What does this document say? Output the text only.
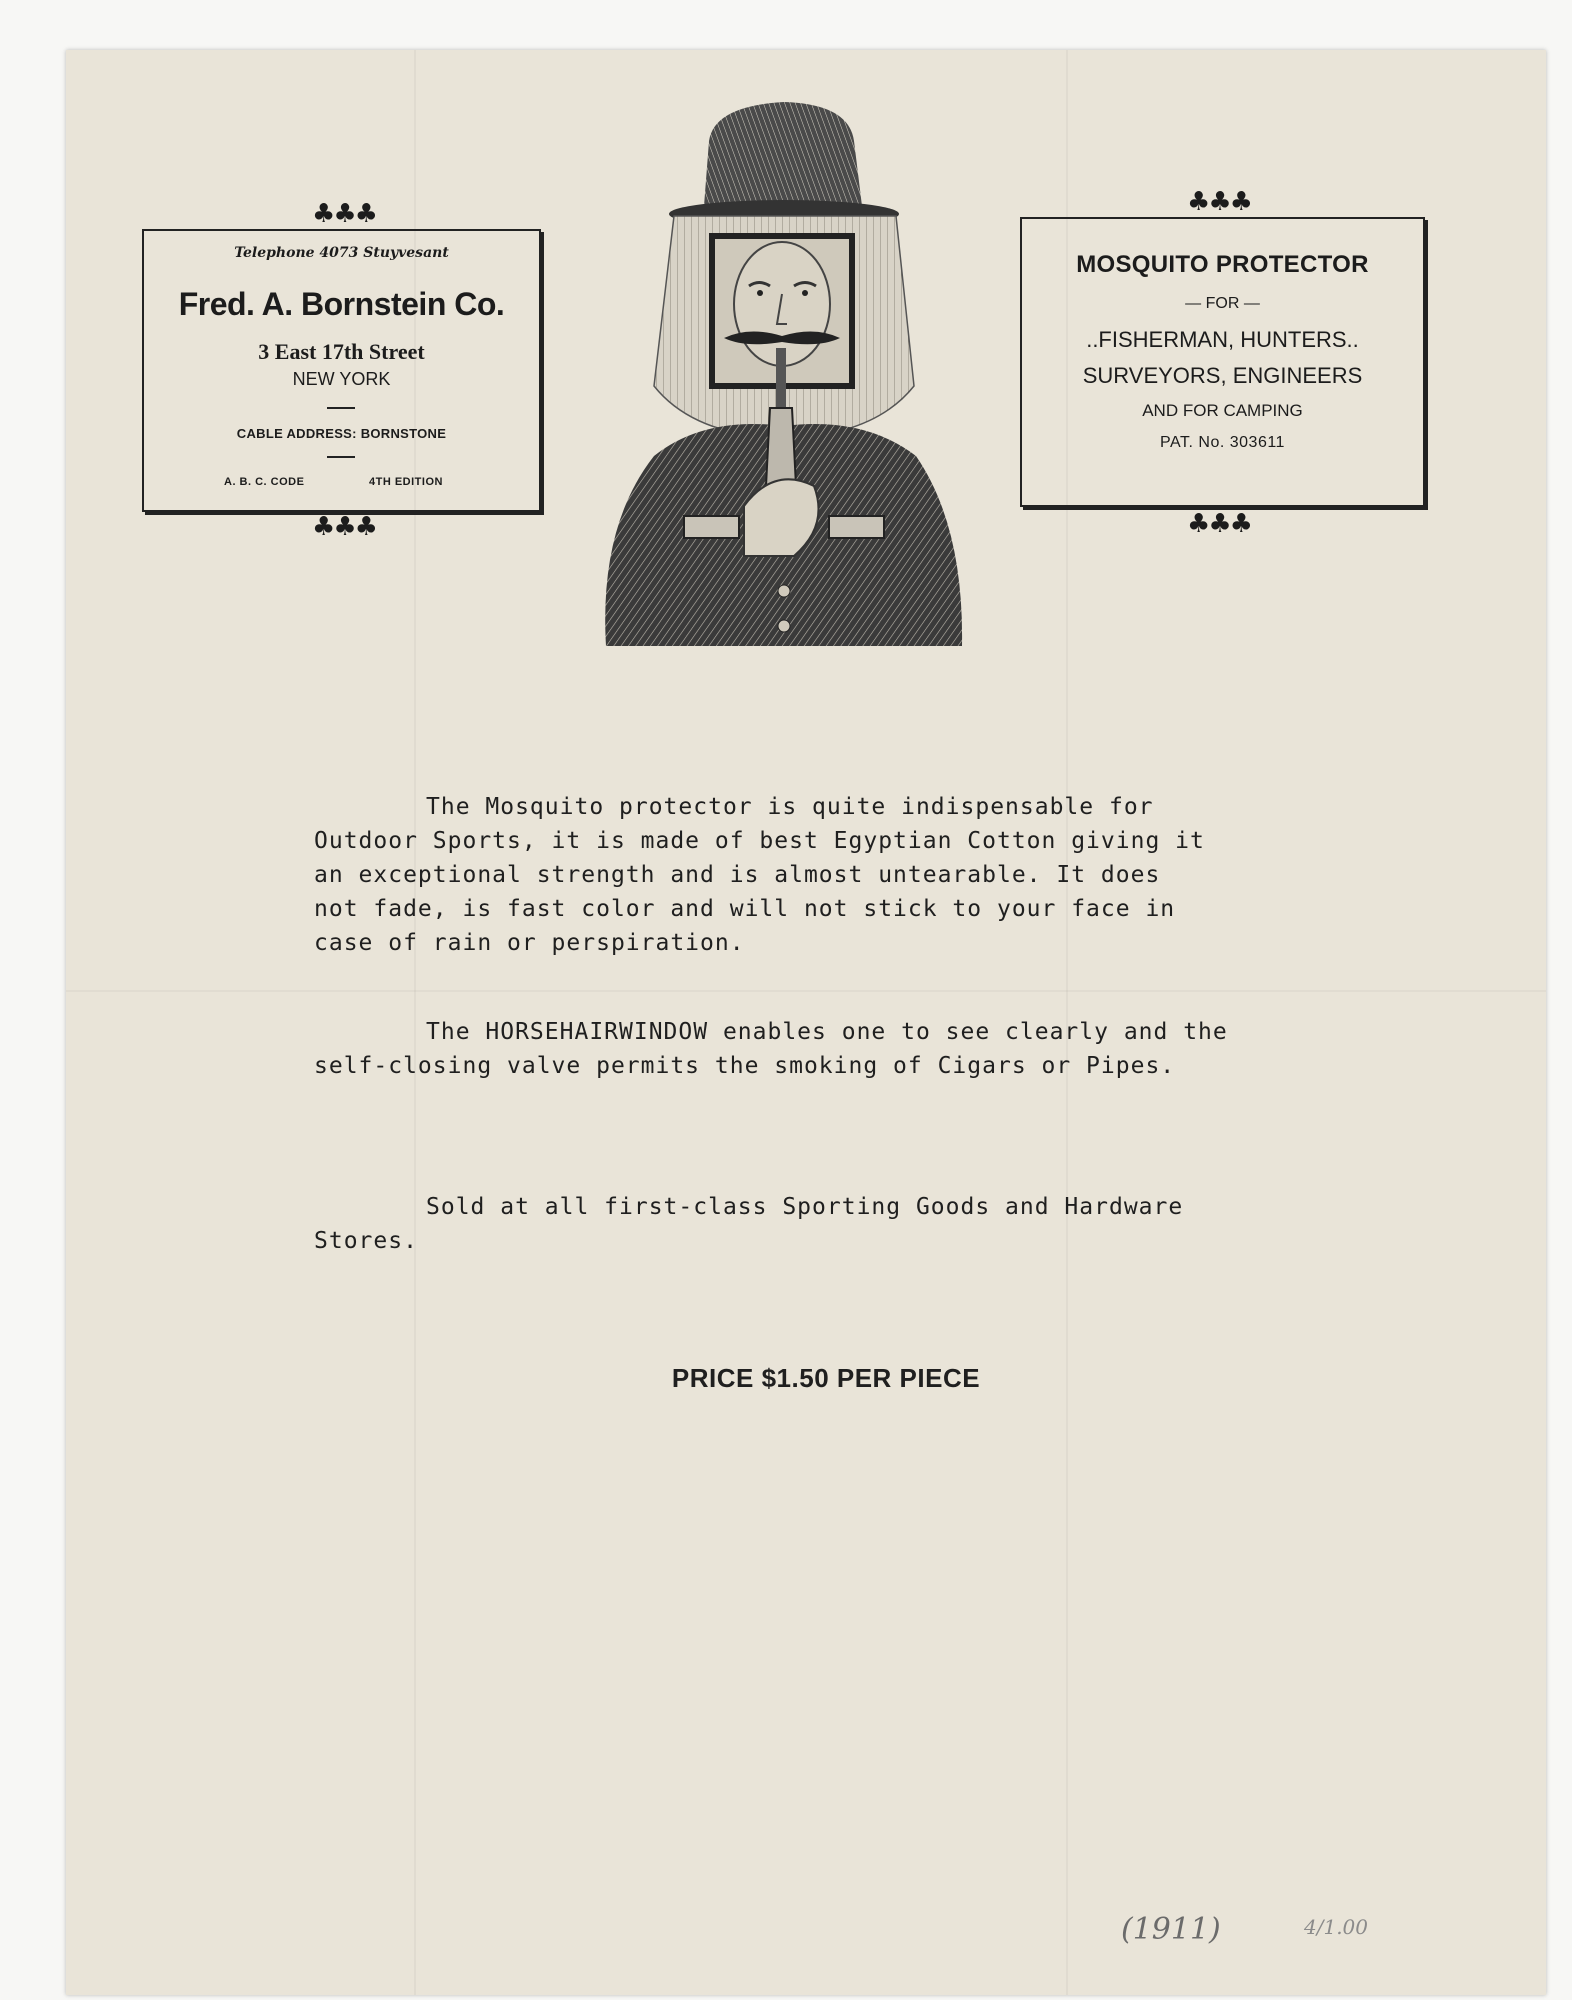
♣♣♣
Telephone 4073 Stuyvesant
Fred. A. Bornstein Co.
3 East 17th Street
NEW YORK
CABLE ADDRESS: BORNSTONE
A. B. C. CODE	4TH EDITION
♣♣♣
♣♣♣
MOSQUITO PROTECTOR
— FOR —
..FISHERMAN, HUNTERS..
SURVEYORS, ENGINEERS
AND FOR CAMPING
PAT. No. 303611
♣♣♣

The Mosquito protector is quite indispensable for Outdoor Sports, it is made of best Egyptian Cotton giving it an exceptional strength and is almost untearable. It does not fade, is fast color and will not stick to your face in case of rain or perspiration.

The HORSEHAIRWINDOW enables one to see clearly and the self-closing valve permits the smoking of Cigars or Pipes.

Sold at all first-class Sporting Goods and Hardware Stores.

PRICE $1.50 PER PIECE
(1911)	4/1.00
